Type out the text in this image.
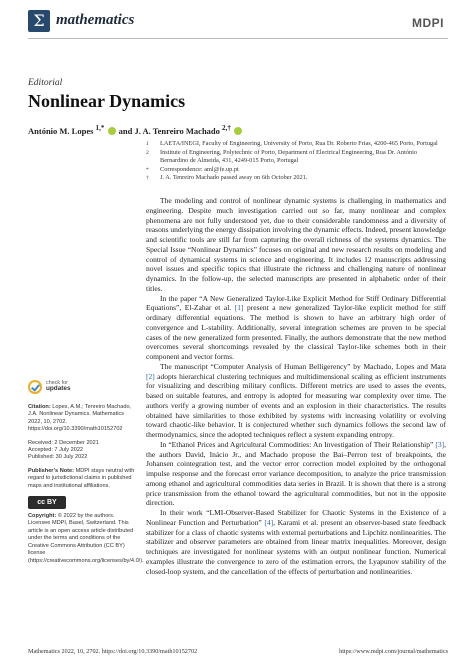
Σ mathematics	MDPI
Editorial
Nonlinear Dynamics
António M. Lopes $^{1,*}$  and J. A. Tenreiro Machado $^{2,\dagger}$
1 LAETA/INEGI, Faculty of Engineering, University of Porto, Rua Dr. Roberto Frias, 4200-465 Porto, Portugal
2 Institute of Engineering, Polytechnic of Porto, Department of Electrical Engineering, Rua Dr. António Bernardino de Almeida, 431, 4249-015 Porto, Portugal
* Correspondence: aml@fe.up.pt
† J. A. Tenreiro Machado passed away on 6th October 2021.

The modeling and control of nonlinear dynamic systems is challenging in mathematics and engineering. Despite much investigation carried out so far, many nonlinear and complex phenomena are not fully understood yet, due to their considerable randomness and a diversity of reasons underlying the energy dissipation involving the dynamic effects. Indeed, present knowledge and scientific tools are still far from capturing the overall richness of the systems dynamics. The Special Issue “Nonlinear Dynamics” focuses on original and new research results on modeling and control of dynamical systems in science and engineering. It includes 12 manuscripts addressing novel issues and specific topics that illustrate the richness and challenging nature of nonlinear dynamics. In the follow-up, the selected manuscripts are presented in alphabetic order of their titles.

In the paper “A New Generalized Taylor-Like Explicit Method for Stiff Ordinary Differential Equations”, El-Zahar et al. [1] present a new generalized Taylor-like explicit method for stiff ordinary differential equations. The method is shown to have an arbitrary high order of convergence and L-stability. Additionally, several integration schemes are proven to be special cases of the new generalized form presented. Finally, the authors demonstrate that the new method overcomes several shortcomings revealed by the classical Taylor-like schemes both in their component and vector forms.

The manuscript “Computer Analysis of Human Belligerency” by Machado, Lopes and Mata [2] adopts hierarchical clustering techniques and multidimensional scaling as efficient instruments for visualizing and describing military conflicts. Different metrics are used to asses the events, based on suitable features, and entropy is adopted for measuring war complexity over time. The authors verify a growing number of events and an explosion in their characteristics. The results obtained have similarities to those exhibited by systems with increasing volatility or evolving toward chaotic-like behavior. It is conjectured whether such dynamics follows the second law of thermodynamics, since the adopted techniques reflect a system expanding entropy.

In “Ethanol Prices and Agricultural Commodities: An Investigation of Their Relationship” [3], the authors David, Inácio Jr., and Machado propose the Bai–Perron test of breakpoints, the Johansen cointegration test, and the vector error correction model exploited by the orthogonal impulse response and the forecast error variance decomposition, to analyze the price transmission among ethanol and agricultural commodities data series in Brazil. It is shown that there is a strong price transmission from the ethanol toward the agricultural commodities, but not in the opposite direction.

In their work “LMI-Observer-Based Stabilizer for Chaotic Systems in the Existence of a Nonlinear Function and Perturbation” [4], Karami et al. present an observer-based state feedback stabilizer for a class of chaotic systems with external perturbations and Lipchitz nonlinearities. The stabilizer and observer parameters are obtained from linear matrix inequalities. Moreover, design techniques are investigated for nonlinear systems with an output nonlinear function. Numerical examples illustrate the convergence to zero of the estimation errors, the Lyapunov stability of the closed-loop system, and the cancellation of the effects of perturbation and nonlinearities.

check for
updates
Citation: Lopes, A.M.; Tenreiro Machado, J.A. Nonlinear Dynamics. Mathematics 2022, 10, 2702. https://doi.org/10.3390/math10152702
Received: 2 December 2021
Accepted: 7 July 2022
Published: 30 July 2022
Publisher’s Note: MDPI stays neutral with regard to jurisdictional claims in published maps and institutional affiliations.
cc BY
Copyright: © 2022 by the authors. Licensee MDPI, Basel, Switzerland. This article is an open access article distributed under the terms and conditions of the Creative Commons Attribution (CC BY) license (https://creativecommons.org/licenses/by/4.0/).
Mathematics 2022, 10, 2702. https://doi.org/10.3390/math10152702	https://www.mdpi.com/journal/mathematics
